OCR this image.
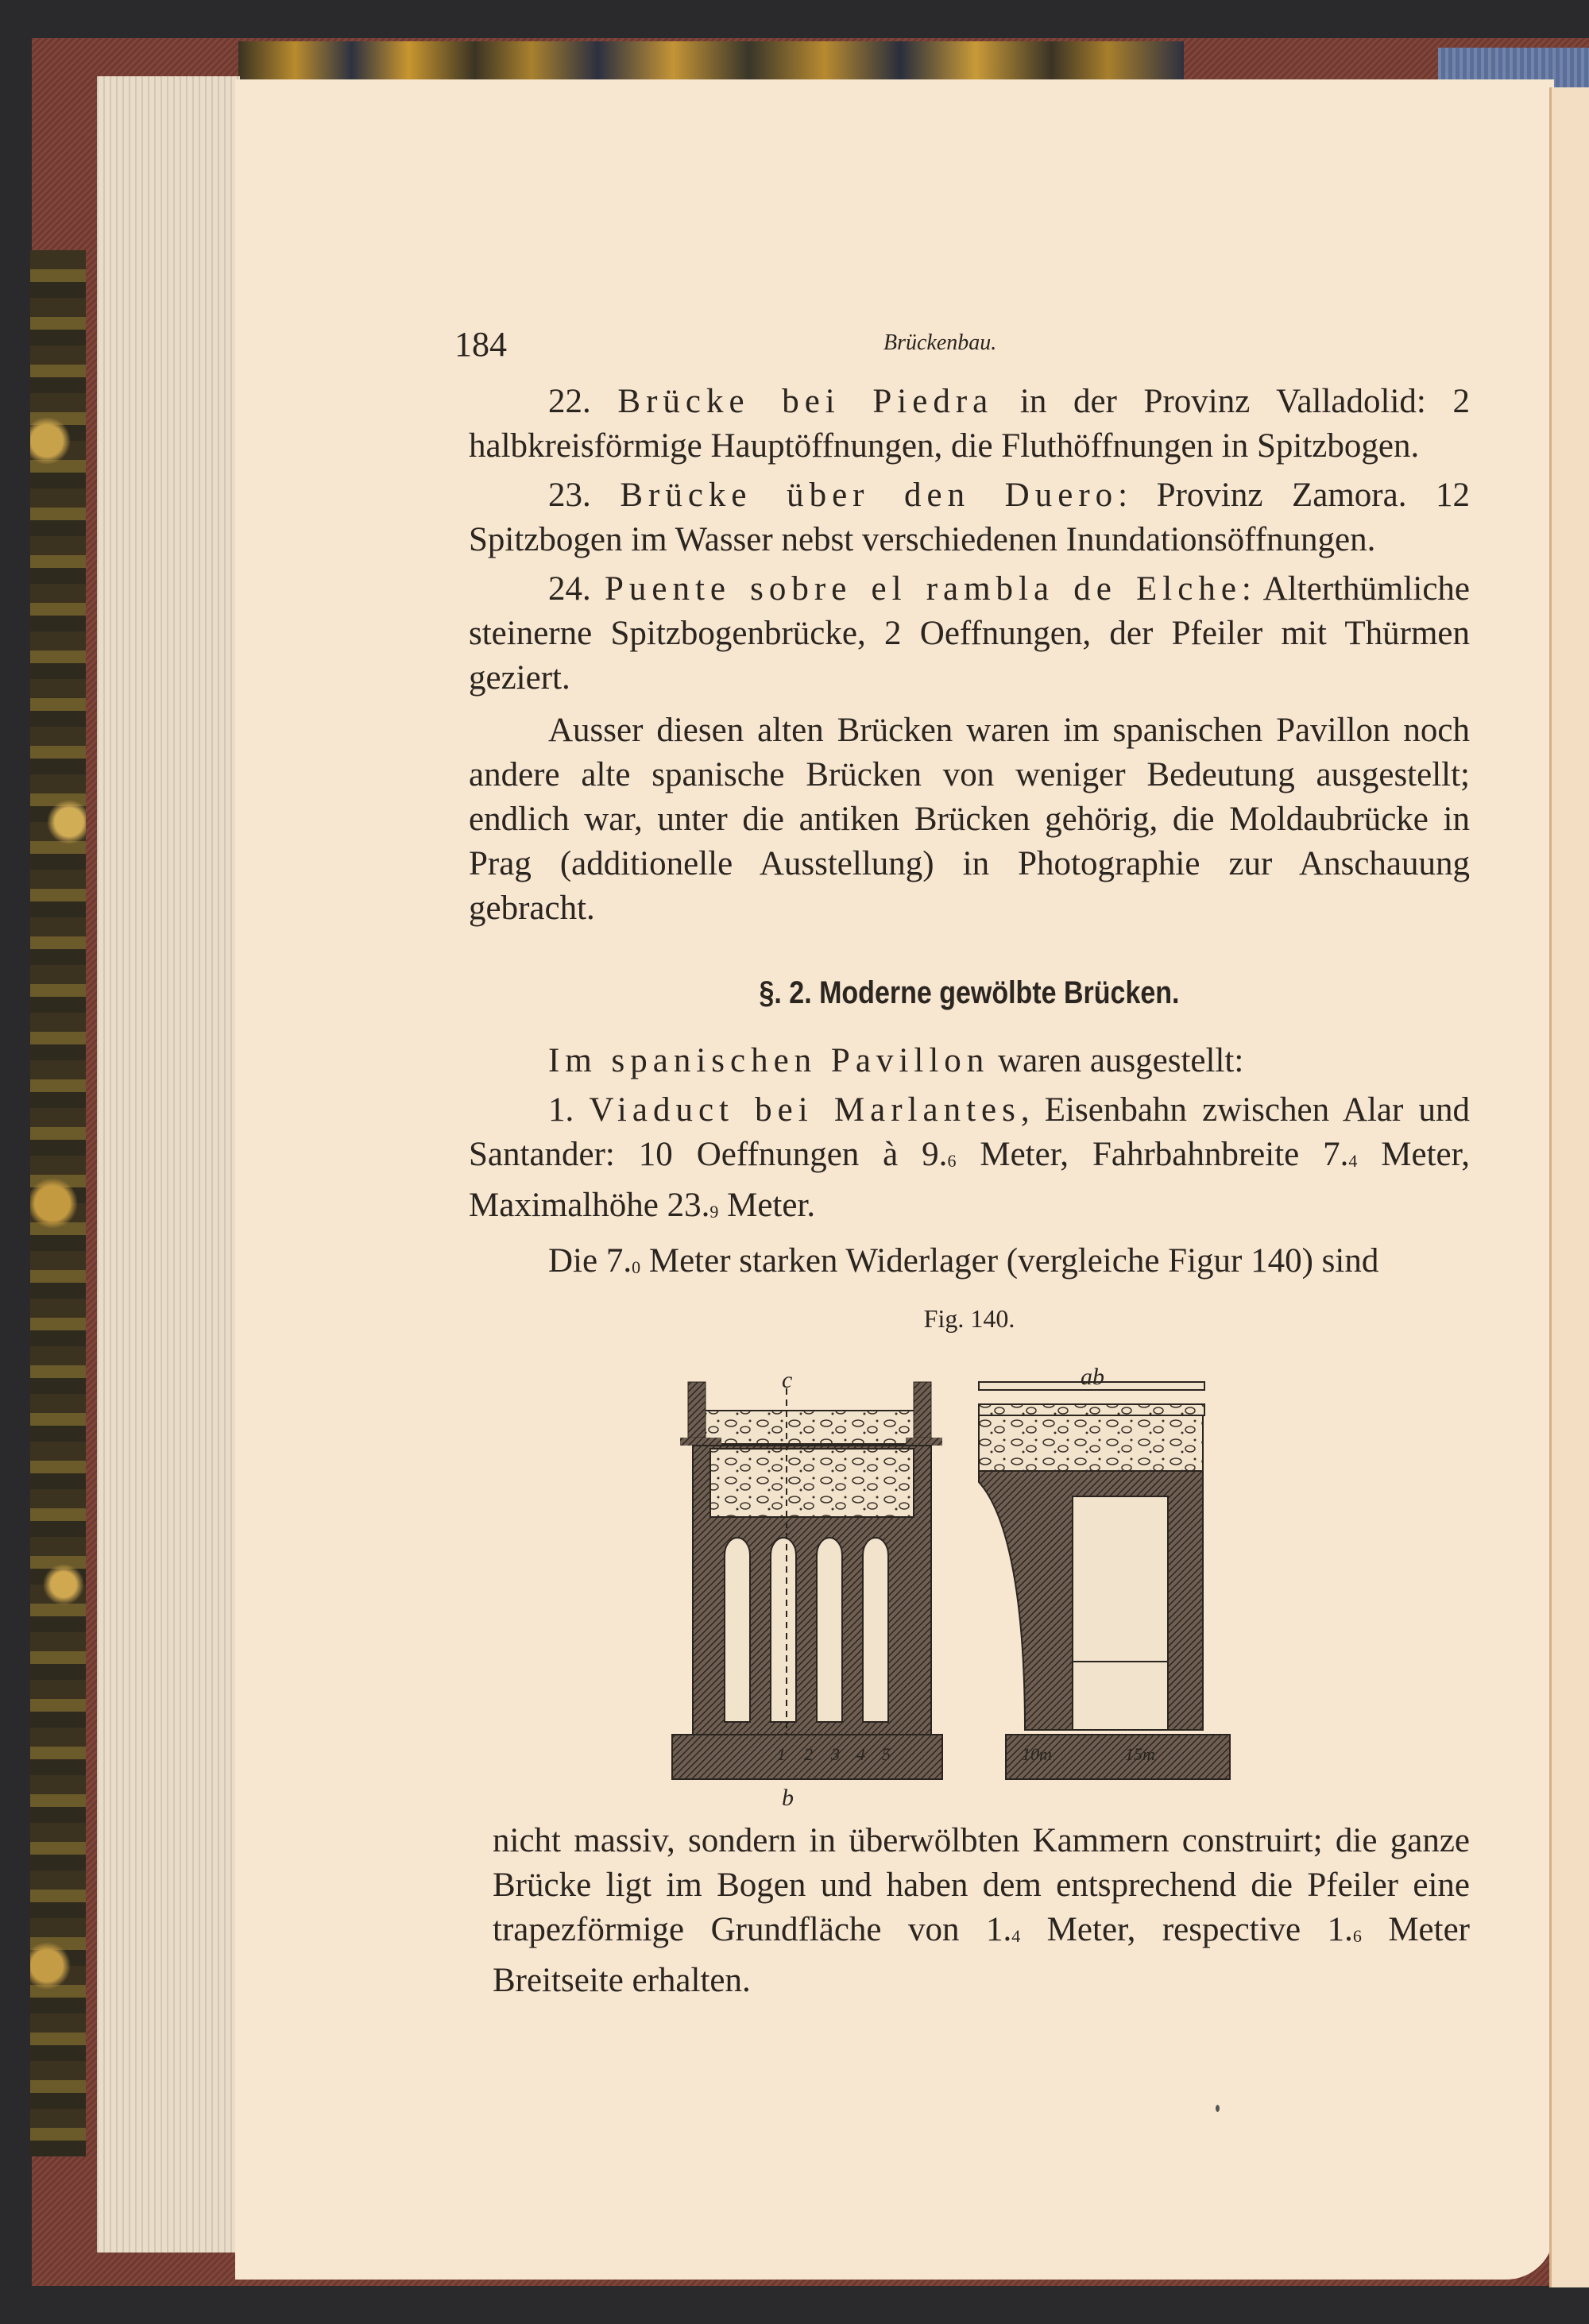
184	Brückenbau.

22. Brücke bei Piedra in der Provinz Valladolid: 2 halbkreisförmige Hauptöffnungen, die Fluthöffnungen in Spitzbogen.

23. Brücke über den Duero: Provinz Zamora. 12 Spitzbogen im Wasser nebst verschiedenen Inundationsöffnungen.

24. Puente sobre el rambla de Elche: Alterthümliche steinerne Spitzbogenbrücke, 2 Oeffnungen, der Pfeiler mit Thürmen geziert.

Ausser diesen alten Brücken waren im spanischen Pavillon noch andere alte spanische Brücken von weniger Bedeutung ausgestellt; endlich war, unter die antiken Brücken gehörig, die Moldaubrücke in Prag (additionelle Ausstellung) in Photographie zur Anschauung gebracht.

§. 2. Moderne gewölbte Brücken.

Im spanischen Pavillon waren ausgestellt:

1. Viaduct bei Marlantes, Eisenbahn zwischen Alar und Santander: 10 Oeffnungen à $9._6$ Meter, Fahrbahnbreite $7._4$ Meter, Maximalhöhe $23._9$ Meter.

Die $7._0$ Meter starken Widerlager (vergleiche Figur 140) sind

Fig. 140.
c	ab
b
1 2 3 4 5	10m	15m

nicht massiv, sondern in überwölbten Kammern construirt; die ganze Brücke ligt im Bogen und haben dem entsprechend die Pfeiler eine trapezförmige Grundfläche von $1._4$ Meter, respective $1._6$ Meter Breitseite erhalten.
